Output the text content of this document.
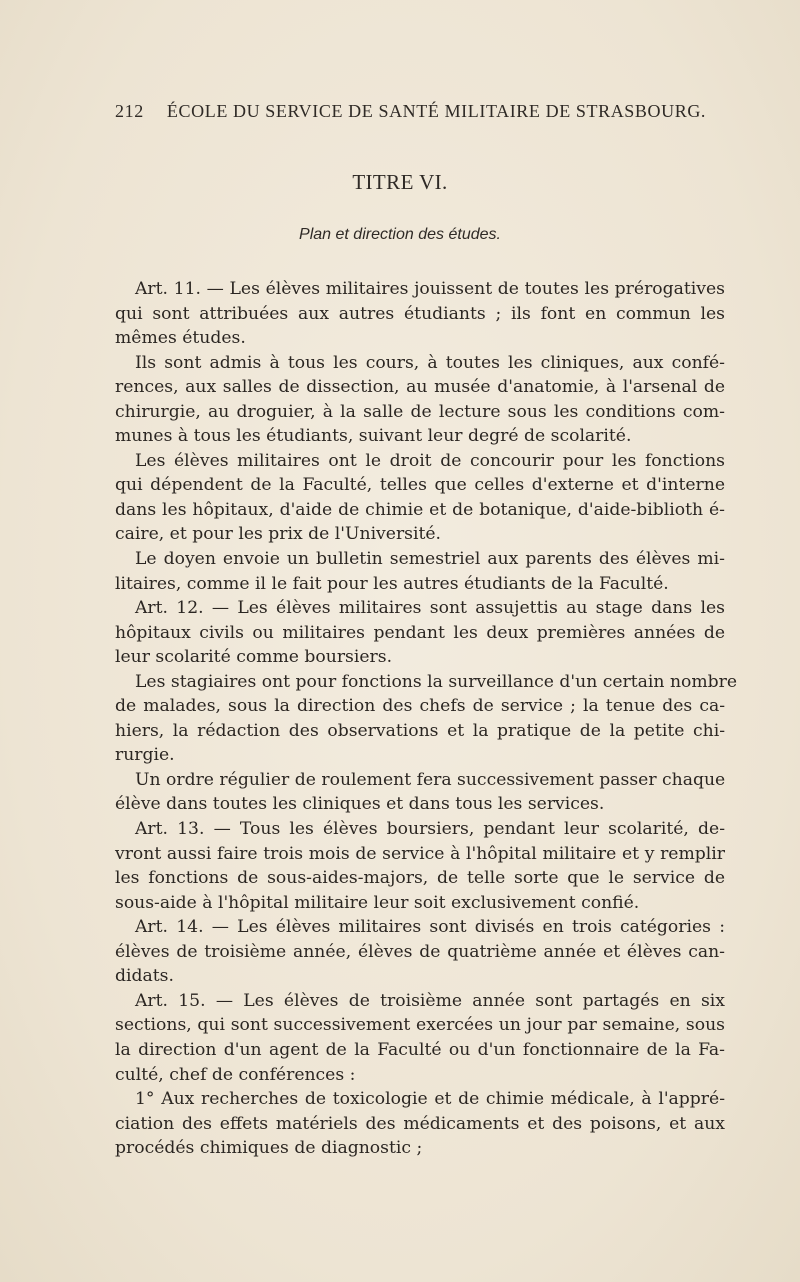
212 ÉCOLE DU SERVICE DE SANTÉ MILITAIRE DE STRASBOURG.
TITRE VI.
Plan et direction des études.
Art. 11. — Les élèves militaires jouissent de toutes les prérogatives
qui sont attribuées aux autres étudiants ; ils font en commun les
mêmes études.
Ils sont admis à tous les cours, à toutes les cliniques, aux confé-
rences, aux salles de dissection, au musée d'anatomie, à l'arsenal de
chirurgie, au droguier, à la salle de lecture sous les conditions com-
munes à tous les étudiants, suivant leur degré de scolarité.
Les élèves militaires ont le droit de concourir pour les fonctions
qui dépendent de la Faculté, telles que celles d'externe et d'interne
dans les hôpitaux, d'aide de chimie et de botanique, d'aide-biblioth é-
caire, et pour les prix de l'Université.
Le doyen envoie un bulletin semestriel aux parents des élèves mi-
litaires, comme il le fait pour les autres étudiants de la Faculté.
Art. 12. — Les élèves militaires sont assujettis au stage dans les
hôpitaux civils ou militaires pendant les deux premières années de
leur scolarité comme boursiers.
Les stagiaires ont pour fonctions la surveillance d'un certain nombre
de malades, sous la direction des chefs de service ; la tenue des ca-
hiers, la rédaction des observations et la pratique de la petite chi-
rurgie.
Un ordre régulier de roulement fera successivement passer chaque
élève dans toutes les cliniques et dans tous les services.
Art. 13. — Tous les élèves boursiers, pendant leur scolarité, de-
vront aussi faire trois mois de service à l'hôpital militaire et y remplir
les fonctions de sous-aides-majors, de telle sorte que le service de
sous-aide à l'hôpital militaire leur soit exclusivement confié.
Art. 14. — Les élèves militaires sont divisés en trois catégories :
élèves de troisième année, élèves de quatrième année et élèves can-
didats.
Art. 15. — Les élèves de troisième année sont partagés en six
sections, qui sont successivement exercées un jour par semaine, sous
la direction d'un agent de la Faculté ou d'un fonctionnaire de la Fa-
culté, chef de conférences :
1° Aux recherches de toxicologie et de chimie médicale, à l'appré-
ciation des effets matériels des médicaments et des poisons, et aux
procédés chimiques de diagnostic ;
